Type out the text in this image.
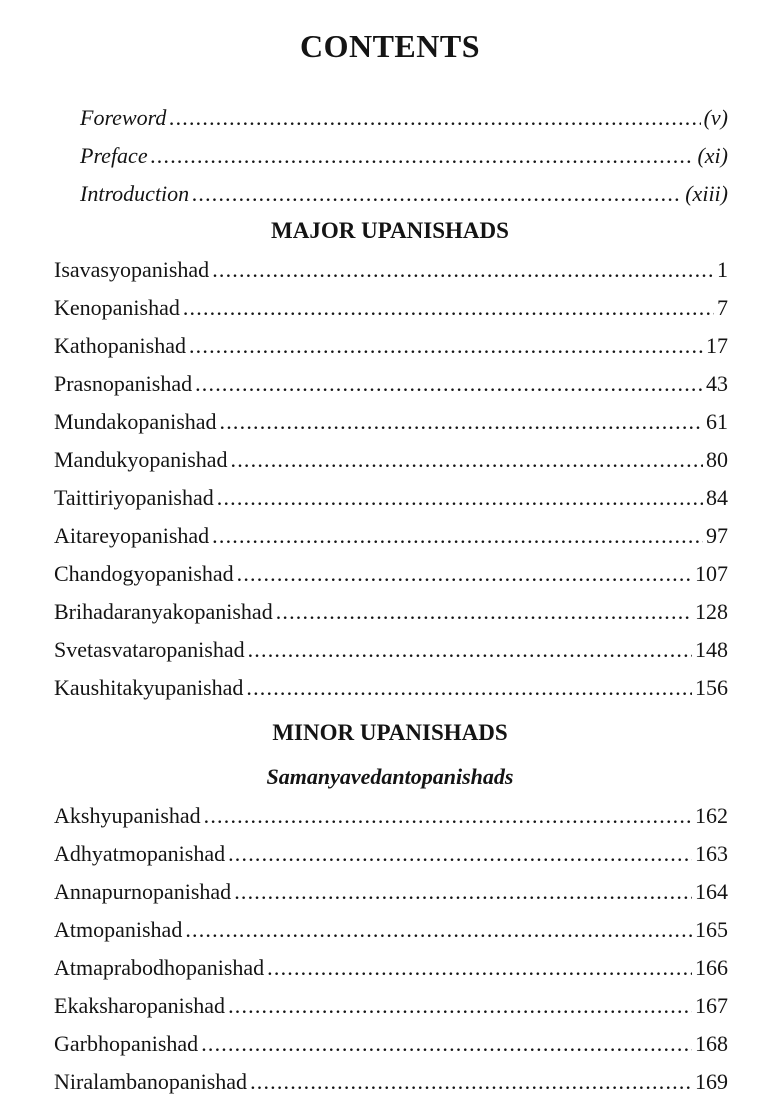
CONTENTS
Foreword .....	(v)
Preface .....	(xi)
Introduction .....	(xiii)
MAJOR UPANISHADS
Isavasyopanishad .....	1
Kenopanishad .....	7
Kathopanishad .....	17
Prasnopanishad .....	43
Mundakopanishad .....	61
Mandukyopanishad .....	80
Taittiriyopanishad .....	84
Aitareyopanishad .....	97
Chandogyopanishad .....	107
Brihadaranyakopanishad .....	128
Svetasvataropanishad .....	148
Kaushitakyupanishad .....	156
MINOR UPANISHADS
Samanyavedantopanishads
Akshyupanishad .....	162
Adhyatmopanishad .....	163
Annapurnopanishad .....	164
Atmopanishad .....	165
Atmaprabodhopanishad .....	166
Ekaksharopanishad .....	167
Garbhopanishad .....	168
Niralambanopanishad .....	169
